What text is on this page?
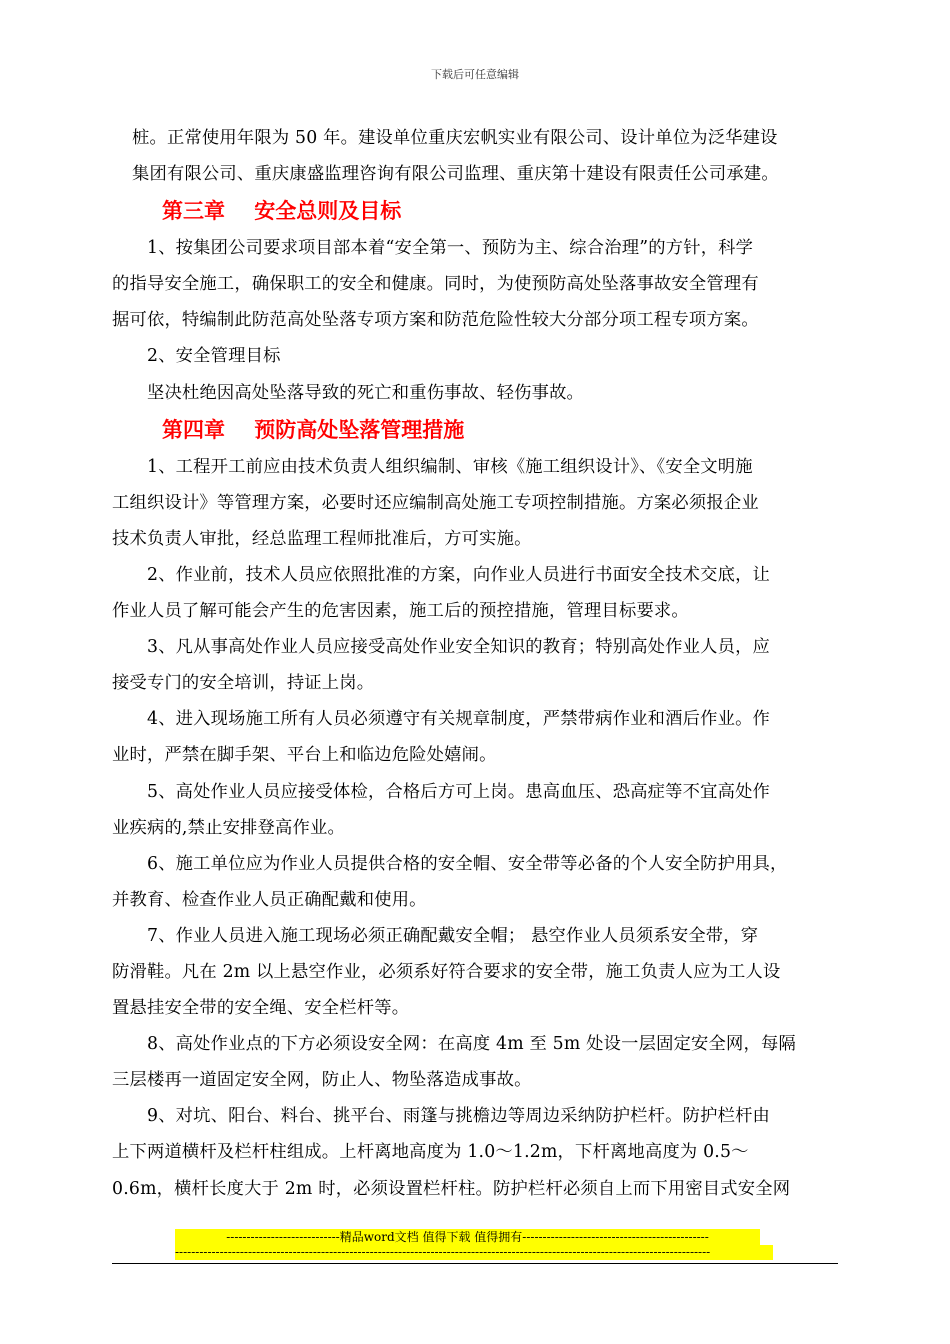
下载后可任意编辑

桩。正常使用年限为 50 年。建设单位重庆宏帆实业有限公司、设计单位为泛华建设

集团有限公司、重庆康盛监理咨询有限公司监理、重庆第十建设有限责任公司承建。

第三章    安全总则及目标

1、按集团公司要求项目部本着“安全第一、预防为主、综合治理”的方针，科学

的指导安全施工，确保职工的安全和健康。同时，为使预防高处坠落事故安全管理有

据可依，特编制此防范高处坠落专项方案和防范危险性较大分部分项工程专项方案。

2、安全管理目标

坚决杜绝因高处坠落导致的死亡和重伤事故、轻伤事故。

第四章    预防高处坠落管理措施

1、工程开工前应由技术负责人组织编制、审核《施工组织设计》、《安全文明施

工组织设计》等管理方案，必要时还应编制高处施工专项控制措施。方案必须报企业

技术负责人审批，经总监理工程师批准后，方可实施。

2、作业前，技术人员应依照批准的方案，向作业人员进行书面安全技术交底，让

作业人员了解可能会产生的危害因素，施工后的预控措施，管理目标要求。

3、凡从事高处作业人员应接受高处作业安全知识的教育；特别高处作业人员，应

接受专门的安全培训，持证上岗。

4、进入现场施工所有人员必须遵守有关规章制度，严禁带病作业和酒后作业。作

业时，严禁在脚手架、平台上和临边危险处嬉闹。

5、高处作业人员应接受体检，合格后方可上岗。患高血压、恐高症等不宜高处作

业疾病的,禁止安排登高作业。

6、施工单位应为作业人员提供合格的安全帽、安全带等必备的个人安全防护用具，

并教育、检查作业人员正确配戴和使用。

7、作业人员进入施工现场必须正确配戴安全帽； 悬空作业人员须系安全带，穿

防滑鞋。凡在 2m 以上悬空作业，必须系好符合要求的安全带，施工负责人应为工人设

置悬挂安全带的安全绳、安全栏杆等。

8、高处作业点的下方必须设安全网：在高度 4m 至 5m 处设一层固定安全网，每隔

三层楼再一道固定安全网，防止人、物坠落造成事故。

9、对坑、阳台、料台、挑平台、雨篷与挑檐边等周边采纳防护栏杆。防护栏杆由

上下两道横杆及栏杆柱组成。上杆离地高度为 1.0～1.2m，下杆离地高度为 0.5～

0.6m，横杆长度大于 2m 时，必须设置栏杆柱。防护栏杆必须自上而下用密目式安全网

----------------------------精品word文档 值得下载 值得拥有----------------------------------------------
------------------------------------------------------------------------------------------------------------------------------------
